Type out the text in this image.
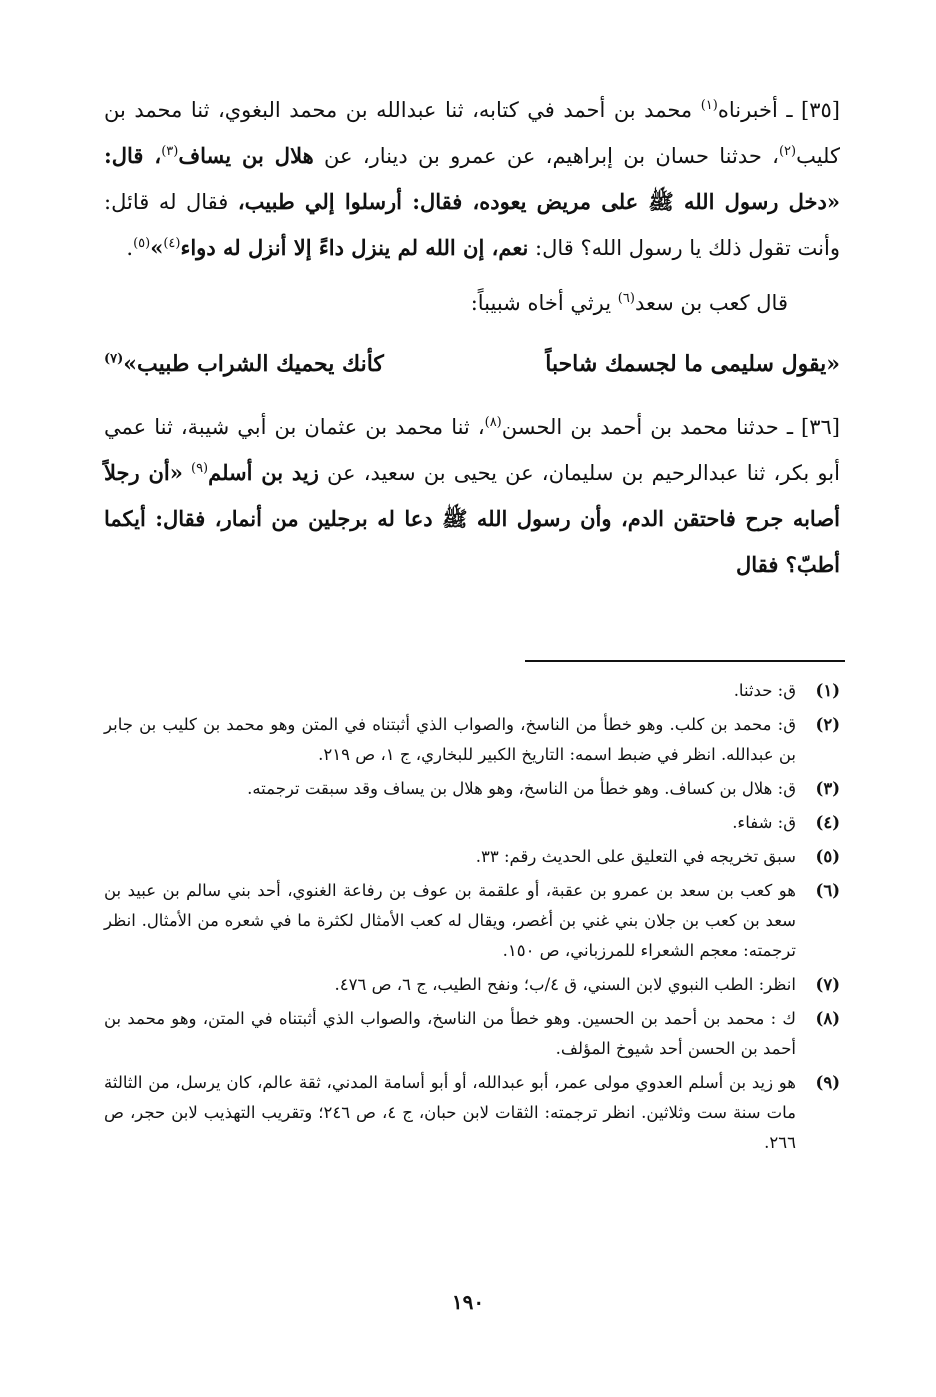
[٣٥] ـ أخبرناه$^{(١)}$ محمد بن أحمد في كتابه، ثنا عبدالله بن محمد البغوي، ثنا محمد بن كليب$^{(٢)}$، حدثنا حسان بن إبراهيم، عن عمرو بن دينار، عن هلال بن يساف$^{(٣)}$، قال: «دخل رسول الله ﷺ على مريض يعوده، فقال: أرسلوا إلي طبيب، فقال له قائل: وأنت تقول ذلك يا رسول الله؟ قال: نعم، إن الله لم ينزل داءً إلا أنزل له دواء$^{(٤)}$»$^{(٥)}$.

قال كعب بن سعد$^{(٦)}$ يرثي أخاه شبيباً:

«يقول سليمى ما لجسمك شاحباً
كأنك يحميك الشراب طبيب»$^{(٧)}$

[٣٦] ـ حدثنا محمد بن أحمد بن الحسن$^{(٨)}$، ثنا محمد بن عثمان بن أبي شيبة، ثنا عمي أبو بكر، ثنا عبدالرحيم بن سليمان، عن يحيى بن سعيد، عن زيد بن أسلم$^{(٩)}$ «أن رجلاً أصابه جرح فاحتقن الدم، وأن رسول الله ﷺ دعا له برجلين من أنمار، فقال: أيكما أطبّ؟ فقال

(١)
ق: حدثنا.
(٢)
ق: محمد بن كلب. وهو خطأ من الناسخ، والصواب الذي أثبتناه في المتن وهو محمد بن كليب بن جابر بن عبدالله. انظر في ضبط اسمه: التاريخ الكبير للبخاري، ج ١، ص ٢١٩.
(٣)
ق: هلال بن كساف. وهو خطأ من الناسخ، وهو هلال بن يساف وقد سبقت ترجمته.
(٤)
ق: شفاء.
(٥)
سبق تخريجه في التعليق على الحديث رقم: ٣٣.
(٦)
هو كعب بن سعد بن عمرو بن عقبة، أو علقمة بن عوف بن رفاعة الغنوي، أحد بني سالم بن عبيد بن سعد بن كعب بن جلان بني غني بن أغصر، ويقال له كعب الأمثال لكثرة ما في شعره من الأمثال. انظر ترجمته: معجم الشعراء للمرزباني، ص ١٥٠.
(٧)
انظر: الطب النبوي لابن السني، ق ٤/ب؛ ونفح الطيب، ج ٦، ص ٤٧٦.
(٨)
ك : محمد بن أحمد بن الحسين. وهو خطأ من الناسخ، والصواب الذي أثبتناه في المتن، وهو محمد بن أحمد بن الحسن أحد شيوخ المؤلف.
(٩)
هو زيد بن أسلم العدوي مولى عمر، أبو عبدالله، أو أبو أسامة المدني، ثقة عالم، كان يرسل، من الثالثة مات سنة ست وثلاثين. انظر ترجمته: الثقات لابن حبان، ج ٤، ص ٢٤٦؛ وتقريب التهذيب لابن حجر، ص ٢٦٦.
١٩٠
